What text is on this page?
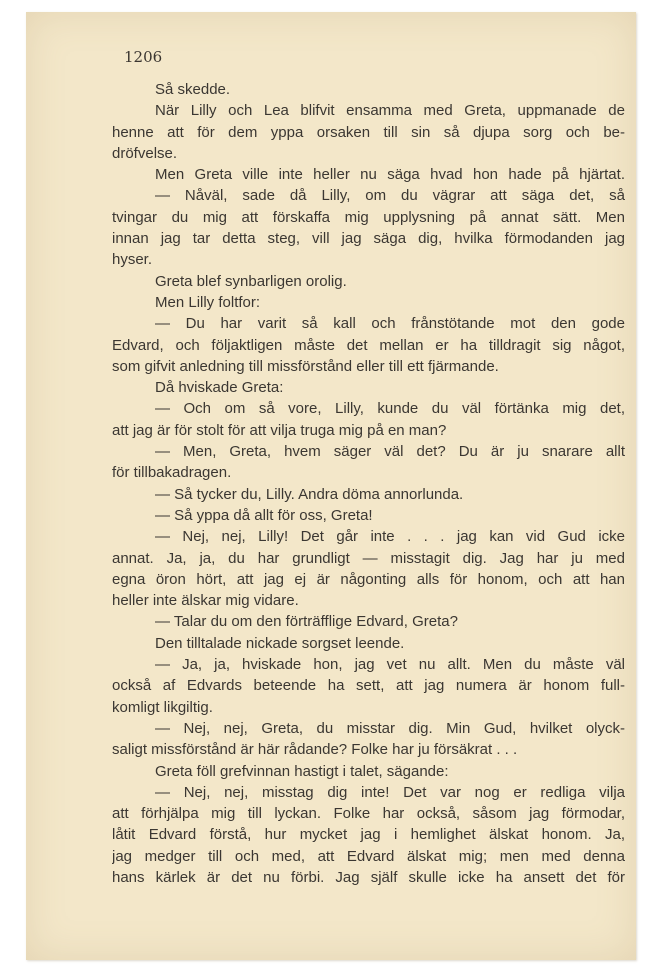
1206

Så skedde.
När Lilly och Lea blifvit ensamma med Greta, uppmanade de
henne att för dem yppa orsaken till sin så djupa sorg och be-
dröfvelse.
Men Greta ville inte heller nu säga hvad hon hade på hjärtat.
— Nåväl, sade då Lilly, om du vägrar att säga det, så
tvingar du mig att förskaffa mig upplysning på annat sätt. Men
innan jag tar detta steg, vill jag säga dig, hvilka förmodanden jag
hyser.
Greta blef synbarligen orolig.
Men Lilly foltfor:
— Du har varit så kall och frånstötande mot den gode
Edvard, och följaktligen måste det mellan er ha tilldragit sig något,
som gifvit anledning till missförstånd eller till ett fjärmande.
Då hviskade Greta:
— Och om så vore, Lilly, kunde du väl förtänka mig det,
att jag är för stolt för att vilja truga mig på en man?
— Men, Greta, hvem säger väl det? Du är ju snarare allt
för tillbakadragen.
— Så tycker du, Lilly. Andra döma annorlunda.
— Så yppa då allt för oss, Greta!
— Nej, nej, Lilly! Det går inte . . . jag kan vid Gud icke
annat. Ja, ja, du har grundligt — misstagit dig. Jag har ju med
egna öron hört, att jag ej är någonting alls för honom, och att han
heller inte älskar mig vidare.
— Talar du om den förträfflige Edvard, Greta?
Den tilltalade nickade sorgset leende.
— Ja, ja, hviskade hon, jag vet nu allt. Men du måste väl
också af Edvards beteende ha sett, att jag numera är honom full-
komligt likgiltig.
— Nej, nej, Greta, du misstar dig. Min Gud, hvilket olyck-
saligt missförstånd är här rådande? Folke har ju försäkrat . . .
Greta föll grefvinnan hastigt i talet, sägande:
— Nej, nej, misstag dig inte! Det var nog er redliga vilja
att förhjälpa mig till lyckan. Folke har också, såsom jag förmodar,
låtit Edvard förstå, hur mycket jag i hemlighet älskat honom. Ja,
jag medger till och med, att Edvard älskat mig; men med denna
hans kärlek är det nu förbi. Jag själf skulle icke ha ansett det för
